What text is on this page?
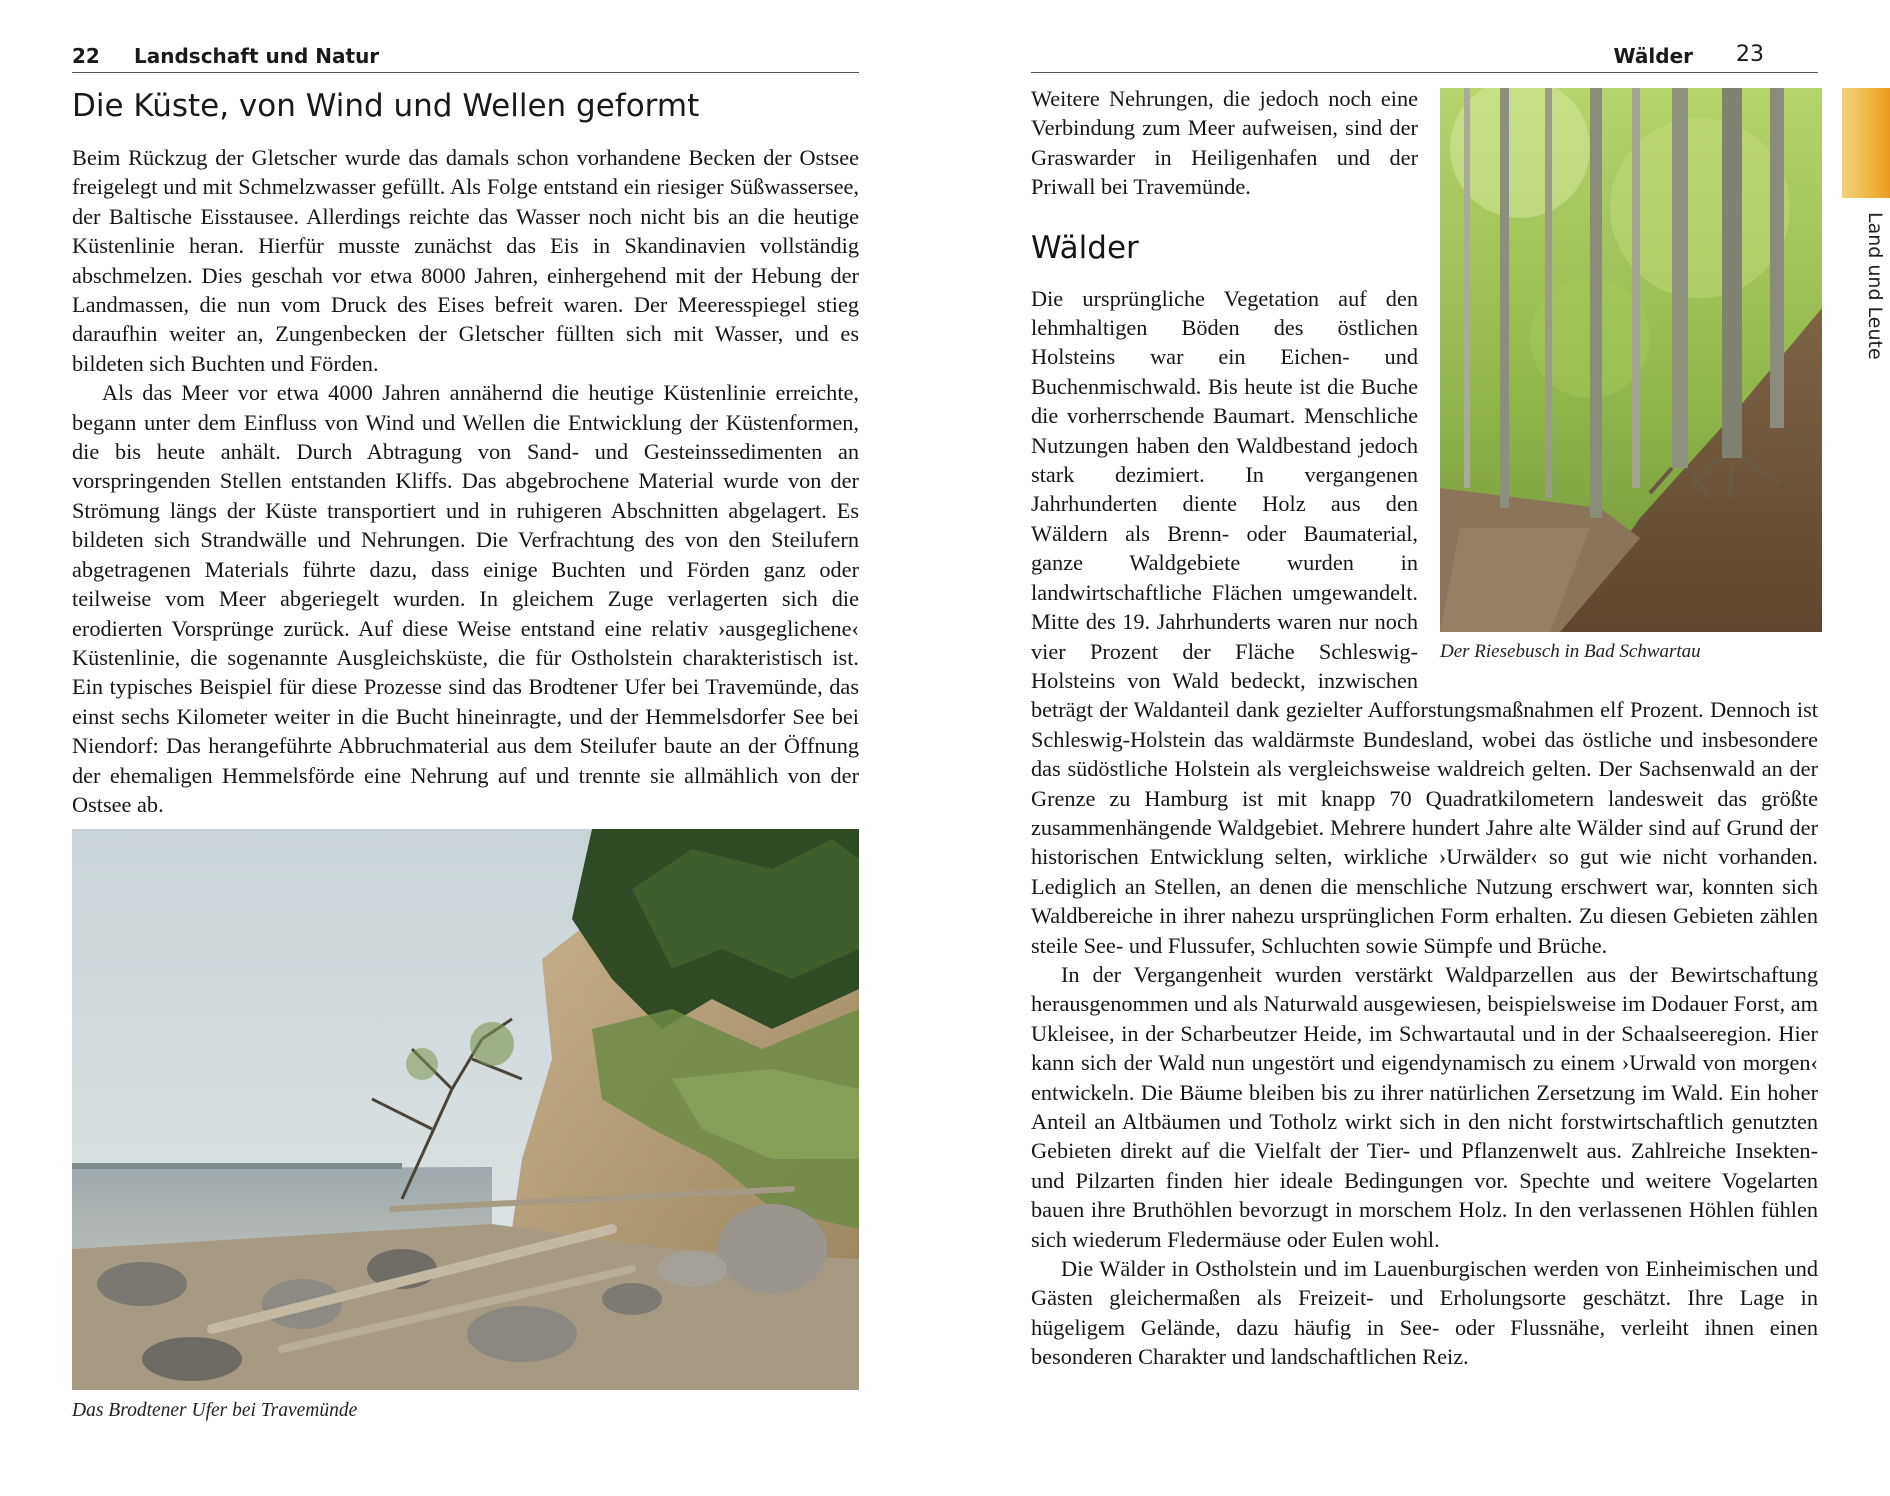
22 Landschaft und Natur
Die Küste, von Wind und Wellen geformt

Beim Rückzug der Gletscher wurde das damals schon vorhandene Becken der Ostsee freigelegt und mit Schmelzwasser gefüllt. Als Folge entstand ein riesiger Süßwassersee, der Baltische Eisstausee. Allerdings reichte das Wasser noch nicht bis an die heutige Küstenlinie heran. Hierfür musste zunächst das Eis in Skandinavien vollständig abschmelzen. Dies geschah vor etwa 8000 Jahren, einhergehend mit der Hebung der Landmassen, die nun vom Druck des Eises befreit waren. Der Meeresspiegel stieg daraufhin weiter an, Zungenbecken der Gletscher füllten sich mit Wasser, und es bildeten sich Buchten und Förden.

Als das Meer vor etwa 4000 Jahren annähernd die heutige Küstenlinie erreichte, begann unter dem Einfluss von Wind und Wellen die Entwicklung der Küstenformen, die bis heute anhält. Durch Abtragung von Sand- und Gesteinssedimenten an vorspringenden Stellen entstanden Kliffs. Das abgebrochene Material wurde von der Strömung längs der Küste transportiert und in ruhigeren Abschnitten abgelagert. Es bildeten sich Strandwälle und Nehrungen. Die Verfrachtung des von den Steilufern abgetragenen Materials führte dazu, dass einige Buchten und Förden ganz oder teilweise vom Meer abgeriegelt wurden. In gleichem Zuge verlagerten sich die erodierten Vorsprünge zurück. Auf diese Weise entstand eine relativ ›ausgeglichene‹ Küstenlinie, die sogenannte Ausgleichsküste, die für Ostholstein charakteristisch ist. Ein typisches Beispiel für diese Prozesse sind das Brodtener Ufer bei Travemünde, das einst sechs Kilometer weiter in die Bucht hineinragte, und der Hemmelsdorfer See bei Niendorf: Das herangeführte Abbruchmaterial aus dem Steilufer baute an der Öffnung der ehemaligen Hemmelsförde eine Nehrung auf und trennte sie allmählich von der Ostsee ab.

Das Brodtener Ufer bei Travemünde
Wälder 23
Der Riesebusch in Bad Schwartau

Weitere Nehrungen, die jedoch noch eine Verbindung zum Meer aufweisen, sind der Graswarder in Heiligenhafen und der Priwall bei Travemünde.

Wälder

Die ursprüngliche Vegetation auf den lehmhaltigen Böden des östlichen Holsteins war ein Eichen- und Buchenmischwald. Bis heute ist die Buche die vorherrschende Baumart. Menschliche Nutzungen haben den Waldbestand jedoch stark dezimiert. In vergangenen Jahrhunderten diente Holz aus den Wäldern als Brenn- oder Baumaterial, ganze Waldgebiete wurden in landwirtschaftliche Flächen umgewandelt. Mitte des 19. Jahrhunderts waren nur noch vier Prozent der Fläche Schleswig-Holsteins von Wald bedeckt, inzwischen beträgt der Waldanteil dank gezielter Aufforstungsmaßnahmen elf Prozent. Dennoch ist Schleswig-Holstein das waldärmste Bundesland, wobei das östliche und insbesondere das südöstliche Holstein als vergleichsweise waldreich gelten. Der Sachsenwald an der Grenze zu Hamburg ist mit knapp 70 Quadratkilometern landesweit das größte zusammenhängende Waldgebiet. Mehrere hundert Jahre alte Wälder sind auf Grund der historischen Entwicklung selten, wirkliche ›Urwälder‹ so gut wie nicht vorhanden. Lediglich an Stellen, an denen die menschliche Nutzung erschwert war, konnten sich Waldbereiche in ihrer nahezu ursprünglichen Form erhalten. Zu diesen Gebieten zählen steile See- und Flussufer, Schluchten sowie Sümpfe und Brüche.

In der Vergangenheit wurden verstärkt Waldparzellen aus der Bewirtschaftung herausgenommen und als Naturwald ausgewiesen, beispielsweise im Dodauer Forst, am Ukleisee, in der Scharbeutzer Heide, im Schwartautal und in der Schaalseeregion. Hier kann sich der Wald nun ungestört und eigendynamisch zu einem ›Urwald von morgen‹ entwickeln. Die Bäume bleiben bis zu ihrer natürlichen Zersetzung im Wald. Ein hoher Anteil an Altbäumen und Totholz wirkt sich in den nicht forstwirtschaftlich genutzten Gebieten direkt auf die Vielfalt der Tier- und Pflanzenwelt aus. Zahlreiche Insekten- und Pilzarten finden hier ideale Bedingungen vor. Spechte und weitere Vogelarten bauen ihre Bruthöhlen bevorzugt in morschem Holz. In den verlassenen Höhlen fühlen sich wiederum Fledermäuse oder Eulen wohl.

Die Wälder in Ostholstein und im Lauenburgischen werden von Einheimischen und Gästen gleichermaßen als Freizeit- und Erholungsorte geschätzt. Ihre Lage in hügeligem Gelände, dazu häufig in See- oder Flussnähe, verleiht ihnen einen besonderen Charakter und landschaftlichen Reiz.

Land und Leute
